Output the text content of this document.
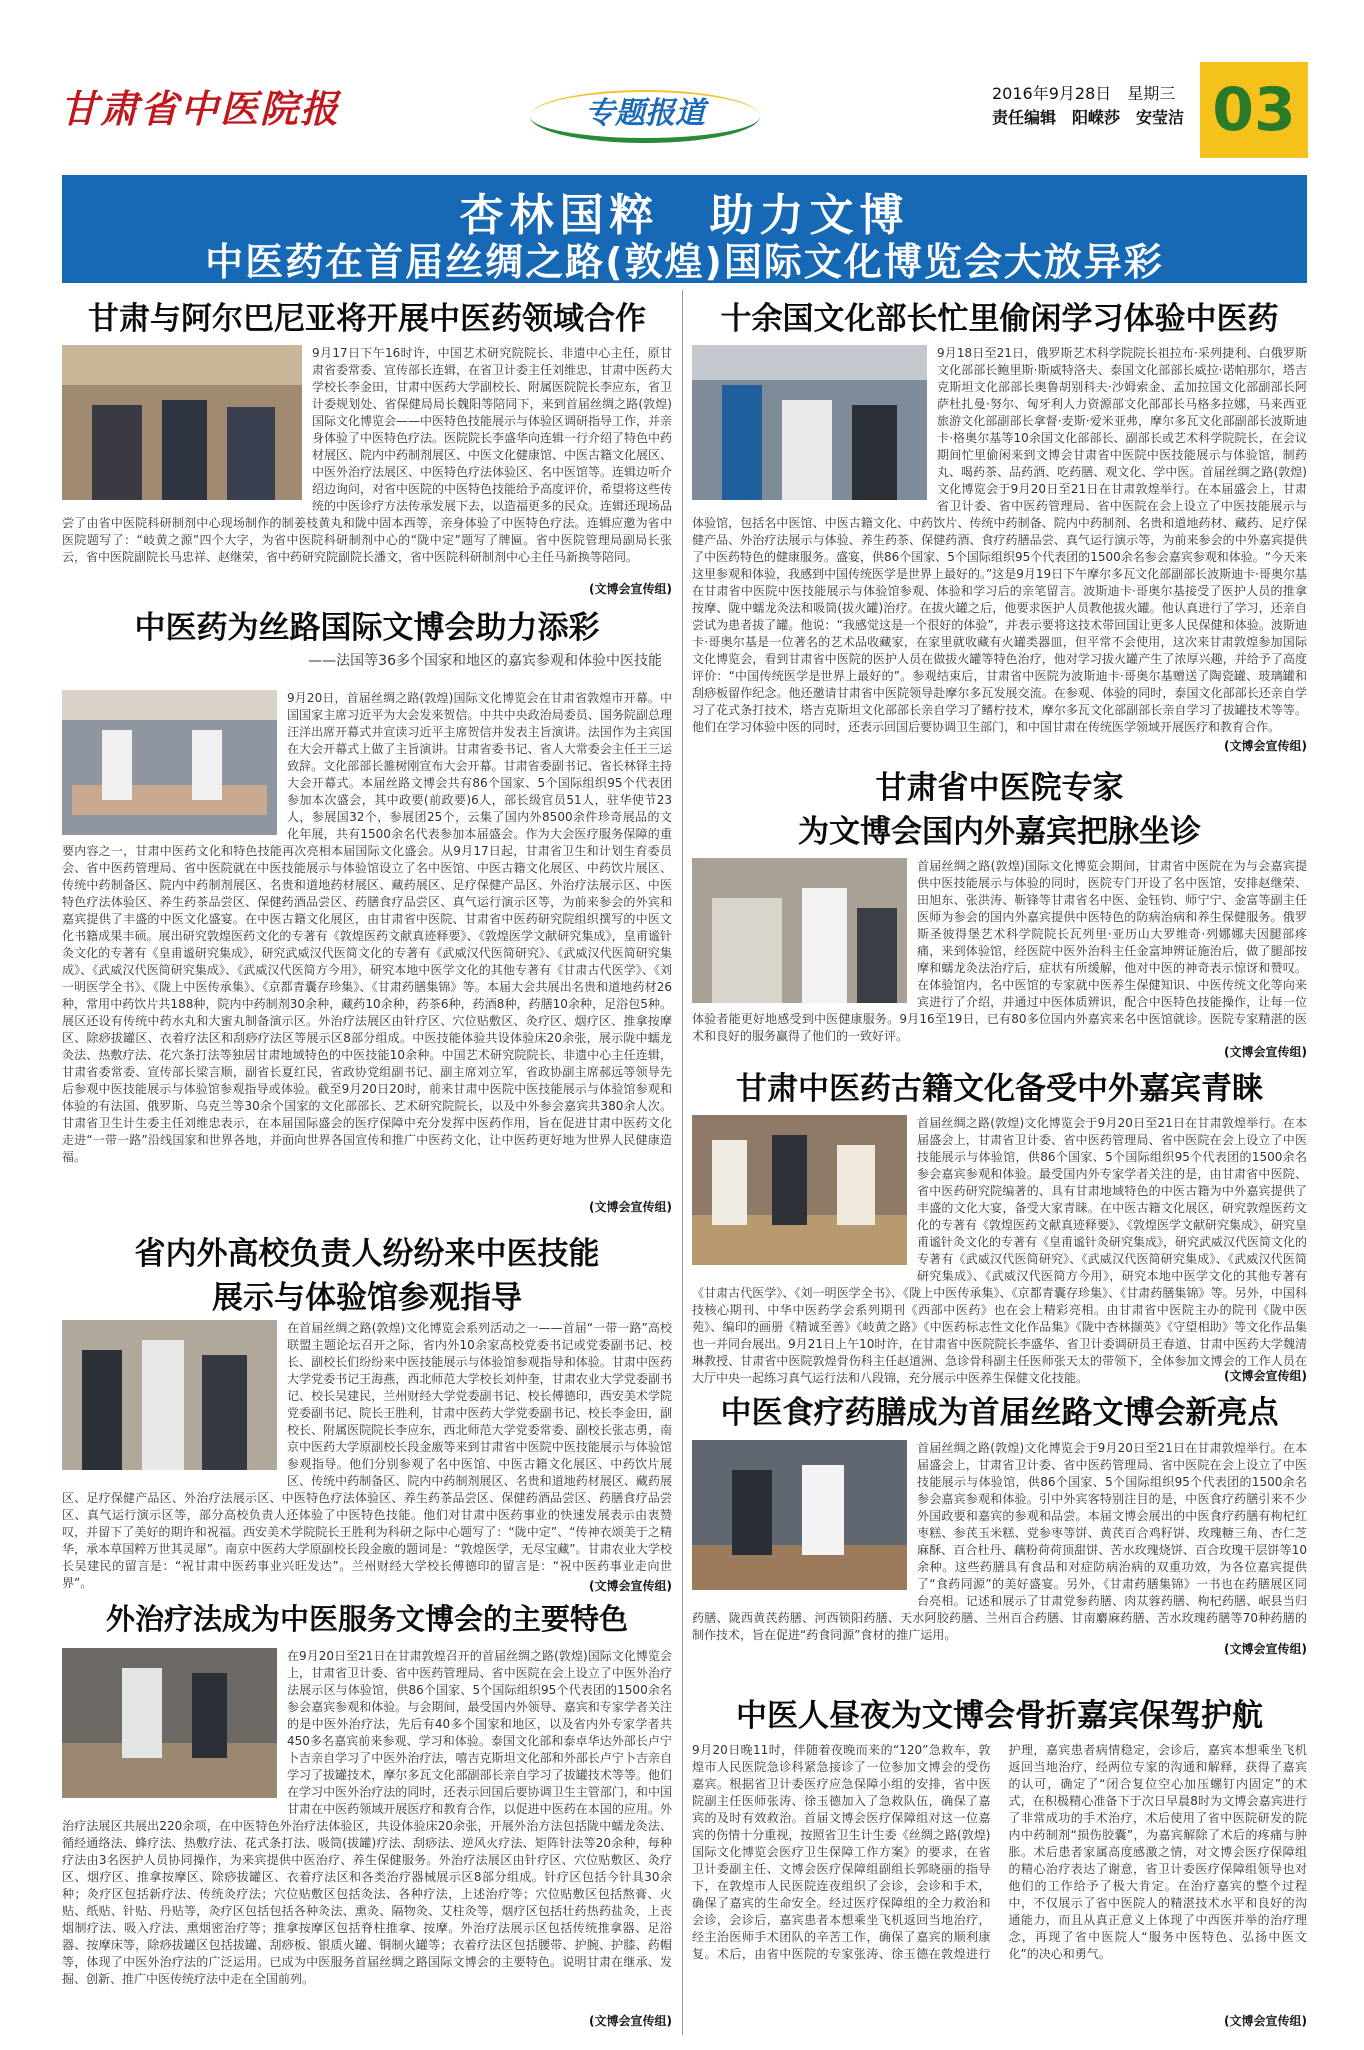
甘肃省中医院报	专题报道
2016年9月28日　星期三
责任编辑　阳嵘莎　安莹洁 03
杏林国粹　助力文博
中医药在首届丝绸之路(敦煌)国际文化博览会大放异彩
甘肃与阿尔巴尼亚将开展中医药领域合作
9月17日下午16时许，中国艺术研究院院长、非遗中心主任，原甘肃省委常委、宣传部长连辑，在省卫计委主任刘维忠，甘肃中医药大学校长李金田，甘肃中医药大学副校长、附属医院院长李应东，省卫计委规划处、省保健局局长魏阳等陪同下，来到首届丝绸之路(敦煌)国际文化博览会——中医特色技能展示与体验区调研指导工作，并亲身体验了中医特色疗法。医院院长李盛华向连辑一行介绍了特色中药材展区、院内中药制剂展区、中医文化健康馆、中医古籍文化展区、中医外治疗法展区、中医特色疗法体验区、名中医馆等。连辑边听介绍边询问，对省中医院的中医特色技能给予高度评价，希望将这些传统的中医诊疗方法传承发展下去，以造福更多的民众。连辑还现场品尝了由省中医院科研制剂中心现场制作的制姜枝黄丸和陇中固本西等，亲身体验了中医特色疗法。连辑应邀为省中医院题写了：“岐黄之源”四个大字，为省中医院科研制剂中心的“陇中定”题写了牌匾。省中医院管理局副局长张云，省中医院副院长马忠祥、赵继荣，省中药研究院副院长潘文，省中医院科研制剂中心主任马新换等陪同。
(文博会宣传组)
中医药为丝路国际文博会助力添彩
——法国等36多个国家和地区的嘉宾参观和体验中医技能
9月20日，首届丝绸之路(敦煌)国际文化博览会在甘肃省敦煌市开幕。中国国家主席习近平为大会发来贺信。中共中央政治局委员、国务院副总理汪洋出席开幕式并宣读习近平主席贺信并发表主旨演讲。法国作为主宾国在大会开幕式上做了主旨演讲。甘肃省委书记、省人大常委会主任王三运致辞。文化部部长雒树刚宣布大会开幕。甘肃省委副书记、省长林铎主持大会开幕式。本届丝路文博会共有86个国家、5个国际组织95个代表团参加本次盛会，其中政要(前政要)6人，部长级官员51人，驻华使节23人，参展国32个，参展团25个，云集了国内外8500余件珍奇展品的文化年展，共有1500余名代表参加本届盛会。作为大会医疗服务保障的重要内容之一，甘肃中医药文化和特色技能再次亮相本届国际文化盛会。从9月17日起，甘肃省卫生和计划生育委员会、省中医药管理局、省中医院就在中医技能展示与体验馆设立了名中医馆、中医古籍文化展区、中药饮片展区、传统中药制备区、院内中药制剂展区、名贵和道地药材展区、藏药展区、足疗保健产品区、外治疗法展示区、中医特色疗法体验区、养生药茶品尝区、保健药酒品尝区、药膳食疗品尝区、真气运行演示区等，为前来参会的外宾和嘉宾提供了丰盛的中医文化盛宴。在中医古籍文化展区，由甘肃省中医院、甘肃省中医药研究院组织撰写的中医文化书籍成果丰硕。展出研究敦煌医药文化的专著有《敦煌医药文献真迹释要》、《敦煌医学文献研究集成》，皇甫谧针灸文化的专著有《皇甫谧研究集成》，研究武威汉代医简文化的专著有《武威汉代医简研究》、《武威汉代医简研究集成》、《武威汉代医简研究集成》、《武威汉代医简方今用》，研究本地中医学文化的其他专著有《甘肃古代医学》、《刘一明医学全书》、《陇上中医传承集》、《京都青囊存珍集》、《甘肃药膳集锦》等。本届大会共展出名贵和道地药材26种，常用中药饮片共188种，院内中药制剂30余种，藏药10余种，药茶6种，药酒8种，药膳10余种，足浴包5种。展区还设有传统中药水丸和大蜜丸制备演示区。外治疗法展区由针疗区、穴位贴敷区、灸疗区、烟疗区、推拿按摩区、除痧拔罐区、衣着疗法区和刮痧疗法区等展示区8部分组成。中医技能体验共设体验床20余张，展示陇中蠕龙灸法、热敷疗法、花穴条打法等独居甘肃地域特色的中医技能10余种。中国艺术研究院院长、非遗中心主任连辑，甘肃省委常委、宣传部长梁言顺，副省长夏红民，省政协党组副书记、副主席刘立军，省政协副主席郝远等领导先后参观中医技能展示与体验馆参观指导或体验。截至9月20日20时，前来甘肃中医院中医技能展示与体验馆参观和体验的有法国、俄罗斯、乌克兰等30余个国家的文化部部长、艺术研究院院长，以及中外参会嘉宾共380余人次。甘肃省卫生计生委主任刘维忠表示，在本届国际盛会的医疗保障中充分发挥中医药作用，旨在促进甘肃中医药文化走进“一带一路”沿线国家和世界各地，并面向世界各国宣传和推广中医药文化，让中医药更好地为世界人民健康造福。
(文博会宣传组)
省内外高校负责人纷纷来中医技能
展示与体验馆参观指导
在首届丝绸之路(敦煌)文化博览会系列活动之一——首届“一带一路”高校联盟主题论坛召开之际，省内外10余家高校党委书记或党委副书记、校长、副校长们纷纷来中医技能展示与体验馆参观指导和体验。甘肃中医药大学党委书记王海燕，西北师范大学校长刘仲奎，甘肃农业大学党委副书记、校长吴建民，兰州财经大学党委副书记、校长傅德印，西安美术学院党委副书记、院长王胜利，甘肃中医药大学党委副书记、校长李金田，副校长、附属医院院长李应东，西北师范大学党委常委、副校长张志勇，南京中医药大学原副校长段金廒等来到甘肃省中医院中医技能展示与体验馆参观指导。他们分别参观了名中医馆、中医古籍文化展区、中药饮片展区、传统中药制备区、院内中药制剂展区、名贵和道地药材展区、藏药展区、足疗保健产品区、外治疗法展示区、中医特色疗法体验区、养生药茶品尝区、保健药酒品尝区、药膳食疗品尝区、真气运行演示区等，部分高校负责人还体验了中医特色技能。他们对甘肃中医药事业的快速发展表示由衷赞叹，并留下了美好的期许和祝福。西安美术学院院长王胜利为科研之际中心题写了：“陇中定”、“传神衣颂美于之精华，承本草国粹万世其灵犀”。南京中医药大学原副校长段金廒的题词是：“敦煌医学，无尽宝藏”。甘肃农业大学校长吴建民的留言是：“祝甘肃中医药事业兴旺发达”。兰州财经大学校长傅德印的留言是：“祝中医药事业走向世界”。	(文博会宣传组)
外治疗法成为中医服务文博会的主要特色
在9月20日至21日在甘肃敦煌召开的首届丝绸之路(敦煌)国际文化博览会上，甘肃省卫计委、省中医药管理局、省中医院在会上设立了中医外治疗法展示区与体验馆，供86个国家、5个国际组织95个代表团的1500余名参会嘉宾参观和体验。与会期间，最受国内外领导、嘉宾和专家学者关注的是中医外治疗法，先后有40多个国家和地区，以及省内外专家学者共450多名嘉宾前来参观、学习和体验。泰国文化部和泰卓华达外部长卢宁卜吉亲自学习了中医外治疗法，嘻吉克斯坦文化部和外部长卢宁卜吉亲自学习了拔罐技术，摩尔多瓦文化部副部长亲自学习了拔罐技术等等。他们在学习中医外治疗法的同时，还表示回国后要协调卫生主管部门，和中国甘肃在中医药领域开展医疗和教育合作，以促进中医药在本国的应用。外治疗法展区共展出220余项，在中医特色外治疗法体验区，共设体验床20余张，开展外治方法包括陇中蠕龙灸法、循经通络法、蜂疗法、热敷疗法、花式条打法、吸筒(拔罐)疗法、刮痧法、逆风火疗法、矩阵针法等20余种，每种疗法由3名医护人员协同操作，为来宾提供中医治疗、养生保健服务。外治疗法展区由针疗区、穴位贴敷区、灸疗区、烟疗区、推拿按摩区、除痧拔罐区、衣着疗法区和各类治疗器械展示区8部分组成。针疗区包括今针具30余种；灸疗区包括新疗法、传统灸疗法；穴位贴敷区包括灸法、各种疗法，上述治疗等；穴位贴敷区包括熬膏、火贴、纸贴、针贴、丹贴等，灸疗区包括包括各种灸法、熏灸、隔物灸、艾柱灸等，烟疗区包括壮药热药盐灸，上丧烟制疗法、吸入疗法、熏烟密治疗等；推拿按摩区包括脊柱推拿、按摩。外治疗法展示区包括传统推拿器、足浴器、按摩床等，除痧拔罐区包括拔罐、刮痧板、银质火罐、铜制火罐等；衣着疗法区包括腰带、护腕、护膝、药帽等，体现了中医外治疗法的广泛运用。已成为中医服务首届丝绸之路国际文博会的主要特色。说明甘肃在继承、发掘、创新、推广中医传统疗法中走在全国前列。
(文博会宣传组)
十余国文化部长忙里偷闲学习体验中医药
9月18日至21日，俄罗斯艺术科学院院长祖拉布·采列捷利、白俄罗斯文化部部长鲍里斯·斯威特洛夫、泰国文化部部长威拉·诺帕那尔，塔吉克斯坦文化部部长奥鲁胡别科夫·沙姆索金、孟加拉国文化部副部长阿萨杜扎曼·努尔、匈牙利人力资源部文化部部长马格多拉娜，马来西亚旅游文化部副部长拿督·麦斯·爱米亚弗，摩尔多瓦文化部副部长波斯迪卡·格奥尔基等10余国文化部部长、副部长或艺术科学院院长，在会议期间忙里偷闲来到文博会甘肃省中医院中医技能展示与体验馆，制药丸、喝药茶、品药酒、吃药膳、观文化、学中医。首届丝绸之路(敦煌)文化博览会于9月20日至21日在甘肃敦煌举行。在本届盛会上，甘肃省卫计委、省中医药管理局、省中医院在会上设立了中医技能展示与体验馆，包括名中医馆、中医古籍文化、中药饮片、传统中药制备、院内中药制剂、名贵和道地药材、藏药、足疗保健产品、外治疗法展示与体验、养生药茶、保健药酒、食疗药膳品尝、真气运行演示等，为前来参会的中外嘉宾提供了中医药特色的健康服务。盛宴，供86个国家、5个国际组织95个代表团的1500余名参会嘉宾参观和体验。“今天来这里参观和体验，我感到中国传统医学是世界上最好的。”这是9月19日下午摩尔多瓦文化部副部长波斯迪卡·哥奥尔基在甘肃省中医院中医技能展示与体验馆参观、体验和学习后的亲笔留言。波斯迪卡·哥奥尔基接受了医护人员的推拿按摩、陇中蠕龙灸法和吸筒(拔火罐)治疗。在拔火罐之后，他要求医护人员教他拔火罐。他认真进行了学习，还亲自尝试为患者拔了罐。他说：“我感觉这是一个很好的体验”，并表示要将这技术带回国让更多人民保健和体验。波斯迪卡·哥奥尔基是一位著名的艺术品收藏家，在家里就收藏有火罐类器皿，但平常不会使用，这次来甘肃敦煌参加国际文化博览会，看到甘肃省中医院的医护人员在做拔火罐等特色治疗，他对学习拔火罐产生了浓厚兴趣，并给予了高度评价：“中国传统医学是世界上最好的”。参观结束后，甘肃省中医院为波斯迪卡·哥奥尔基赠送了陶瓷罐、玻璃罐和刮痧板留作纪念。他还邀请甘肃省中医院领导赴摩尔多瓦发展交流。在参观、体验的同时，泰国文化部部长还亲自学习了花式条打技术，塔吉克斯坦文化部部长亲自学习了鳍柠技术，摩尔多瓦文化部副部长亲自学习了拔罐技术等等。他们在学习体验中医的同时，还表示回国后要协调卫生部门，和中国甘肃在传统医学领域开展医疗和教育合作。
(文博会宣传组)
甘肃省中医院专家
为文博会国内外嘉宾把脉坐诊
首届丝绸之路(敦煌)国际文化博览会期间，甘肃省中医院在为与会嘉宾提供中医技能展示与体验的同时，医院专门开设了名中医馆，安排赵继荣、田旭东、张洪涛、靳锋等甘肃省名中医、金钰钧、师宁宁、金富等副主任医师为参会的国内外嘉宾提供中医特色的防病治病和养生保健服务。俄罗斯圣彼得堡艺术科学院院长瓦列里·亚历山大罗维奇·列娜娜夫因腿部疼痛，来到体验馆，经医院中医外治科主任金富坤辨证施治后，做了腿部按摩和蠕龙灸法治疗后，症状有所缓解，他对中医的神奇表示惊讶和赞叹。在体验馆内，名中医馆的专家就中医养生保健知识、中医传统文化等向来宾进行了介绍，并通过中医体质辨识，配合中医特色技能操作，让每一位体验者能更好地感受到中医健康服务。9月16至19日，已有80多位国内外嘉宾来名中医馆就诊。医院专家精湛的医术和良好的服务赢得了他们的一致好评。
(文博会宣传组)
甘肃中医药古籍文化备受中外嘉宾青睐
首届丝绸之路(敦煌)文化博览会于9月20日至21日在甘肃敦煌举行。在本届盛会上，甘肃省卫计委、省中医药管理局、省中医院在会上设立了中医技能展示与体验馆，供86个国家、5个国际组织95个代表团的1500余名参会嘉宾参观和体验。最受国内外专家学者关注的是，由甘肃省中医院、省中医药研究院编著的、具有甘肃地域特色的中医古籍为中外嘉宾提供了丰盛的文化大宴，备受大家青睐。在中医古籍文化展区，研究敦煌医药文化的专著有《敦煌医药文献真迹释要》、《敦煌医学文献研究集成》，研究皇甫谧针灸文化的专著有《皇甫谧针灸研究集成》，研究武威汉代医简文化的专著有《武威汉代医简研究》、《武威汉代医简研究集成》、《武威汉代医简研究集成》、《武威汉代医简方今用》，研究本地中医学文化的其他专著有《甘肃古代医学》、《刘一明医学全书》、《陇上中医传承集》、《京都青囊存珍集》、《甘肃药膳集锦》等。另外，中国科技核心期刊、中华中医药学会系列期刊《西部中医药》也在会上精彩亮相。由甘肃省中医院主办的院刊《陇中医苑》、编印的画册《精诚至善》《岐黄之路》《中医药标志性文化作品集》《陇中杏林撷英》《守望相助》等文化作品集也一并同台展出。9月21日上午10时许，在甘肃省中医院院长李盛华、省卫计委调研员王春道、甘肃中医药大学魏清琳教授、甘肃省中医院敦煌骨伤科主任赵道洲、急诊骨科副主任医师张天太的带领下，全体参加文博会的工作人员在大厅中央一起练习真气运行法和八段锦，充分展示中医养生保健文化技能。	(文博会宣传组)
中医食疗药膳成为首届丝路文博会新亮点
首届丝绸之路(敦煌)文化博览会于9月20日至21日在甘肃敦煌举行。在本届盛会上，甘肃省卫计委、省中医药管理局、省中医院在会上设立了中医技能展示与体验馆，供86个国家、5个国际组织95个代表团的1500余名参会嘉宾参观和体验。引中外宾客特别注目的是，中医食疗药膳引来不少外国政要和嘉宾的参观和品尝。本届文博会展出的中医食疗药膳有枸杞红枣糕、参芪玉米糕、党参枣等饼、黄芪百合鸡籽饼、玫瑰糖三角、杏仁芝麻酥、百合杜丹、藕粉荷荷顶甜饼、苦水玫瑰烧饼、百合玫瑰干层饼等10余种。这些药膳具有食品和对症防病治病的双重功效，为各位嘉宾提供了“食药同源”的美好盛宴。另外，《甘肃药膳集锦》一书也在药膳展区同台亮相。记述和展示了甘肃党参药膳、肉苁蓉药膳、枸杞药膳、岷县当归药膳、陇西黄芪药膳、河西锁阳药膳、天水阿胶药膳、兰州百合药膳、甘南麝麻药膳、苦水玫瑰药膳等70种药膳的制作技术，旨在促进“药食同源”食材的推广运用。
(文博会宣传组)
中医人昼夜为文博会骨折嘉宾保驾护航
9月20日晚11时，伴随着夜晚而来的“120”急救车，敦煌市人民医院急诊科紧急接诊了一位参加文博会的受伤嘉宾。根据省卫计委医疗应急保障小组的安排，省中医院副主任医师张涛、徐玉德加入了急救队伍，确保了嘉宾的及时有效救治。首届文博会医疗保障组对这一位嘉宾的伤情十分重视，按照省卫生计生委《丝绸之路(敦煌)国际文化博览会医疗卫生保障工作方案》的要求，在省卫计委副主任、文博会医疗保障组副组长郭晓丽的指导下，在敦煌市人民医院连夜组织了会诊，会诊和手术，确保了嘉宾的生命安全。经过医疗保障组的全力救治和会诊，会诊后，嘉宾患者本想乘坐飞机返回当地治疗，经主治医师手术团队的辛苦工作，确保了嘉宾的顺利康复。术后，由省中医院的专家张涛、徐玉德在敦煌进行护理，嘉宾患者病情稳定，会诊后，嘉宾本想乘坐飞机返回当地治疗，经两位专家的沟通和解释，获得了嘉宾的认可，确定了“闭合复位空心加压螺钉内固定”的术式，在积极精心准备下于次日早晨8时为文博会嘉宾进行了非常成功的手术治疗，术后使用了省中医院研发的院内中药制剂“损伤胶囊”，为嘉宾解除了术后的疼痛与肿胀。术后患者家属高度感激之情，对文博会医疗保障组的精心治疗表达了谢意，省卫计委医疗保障组领导也对他们的工作给予了极大肯定。在治疗嘉宾的整个过程中，不仅展示了省中医院人的精湛技术水平和良好的沟通能力，而且从真正意义上体现了中西医并举的治疗理念，再现了省中医院人“服务中医特色、弘扬中医文化”的决心和勇气。
(文博会宣传组)
